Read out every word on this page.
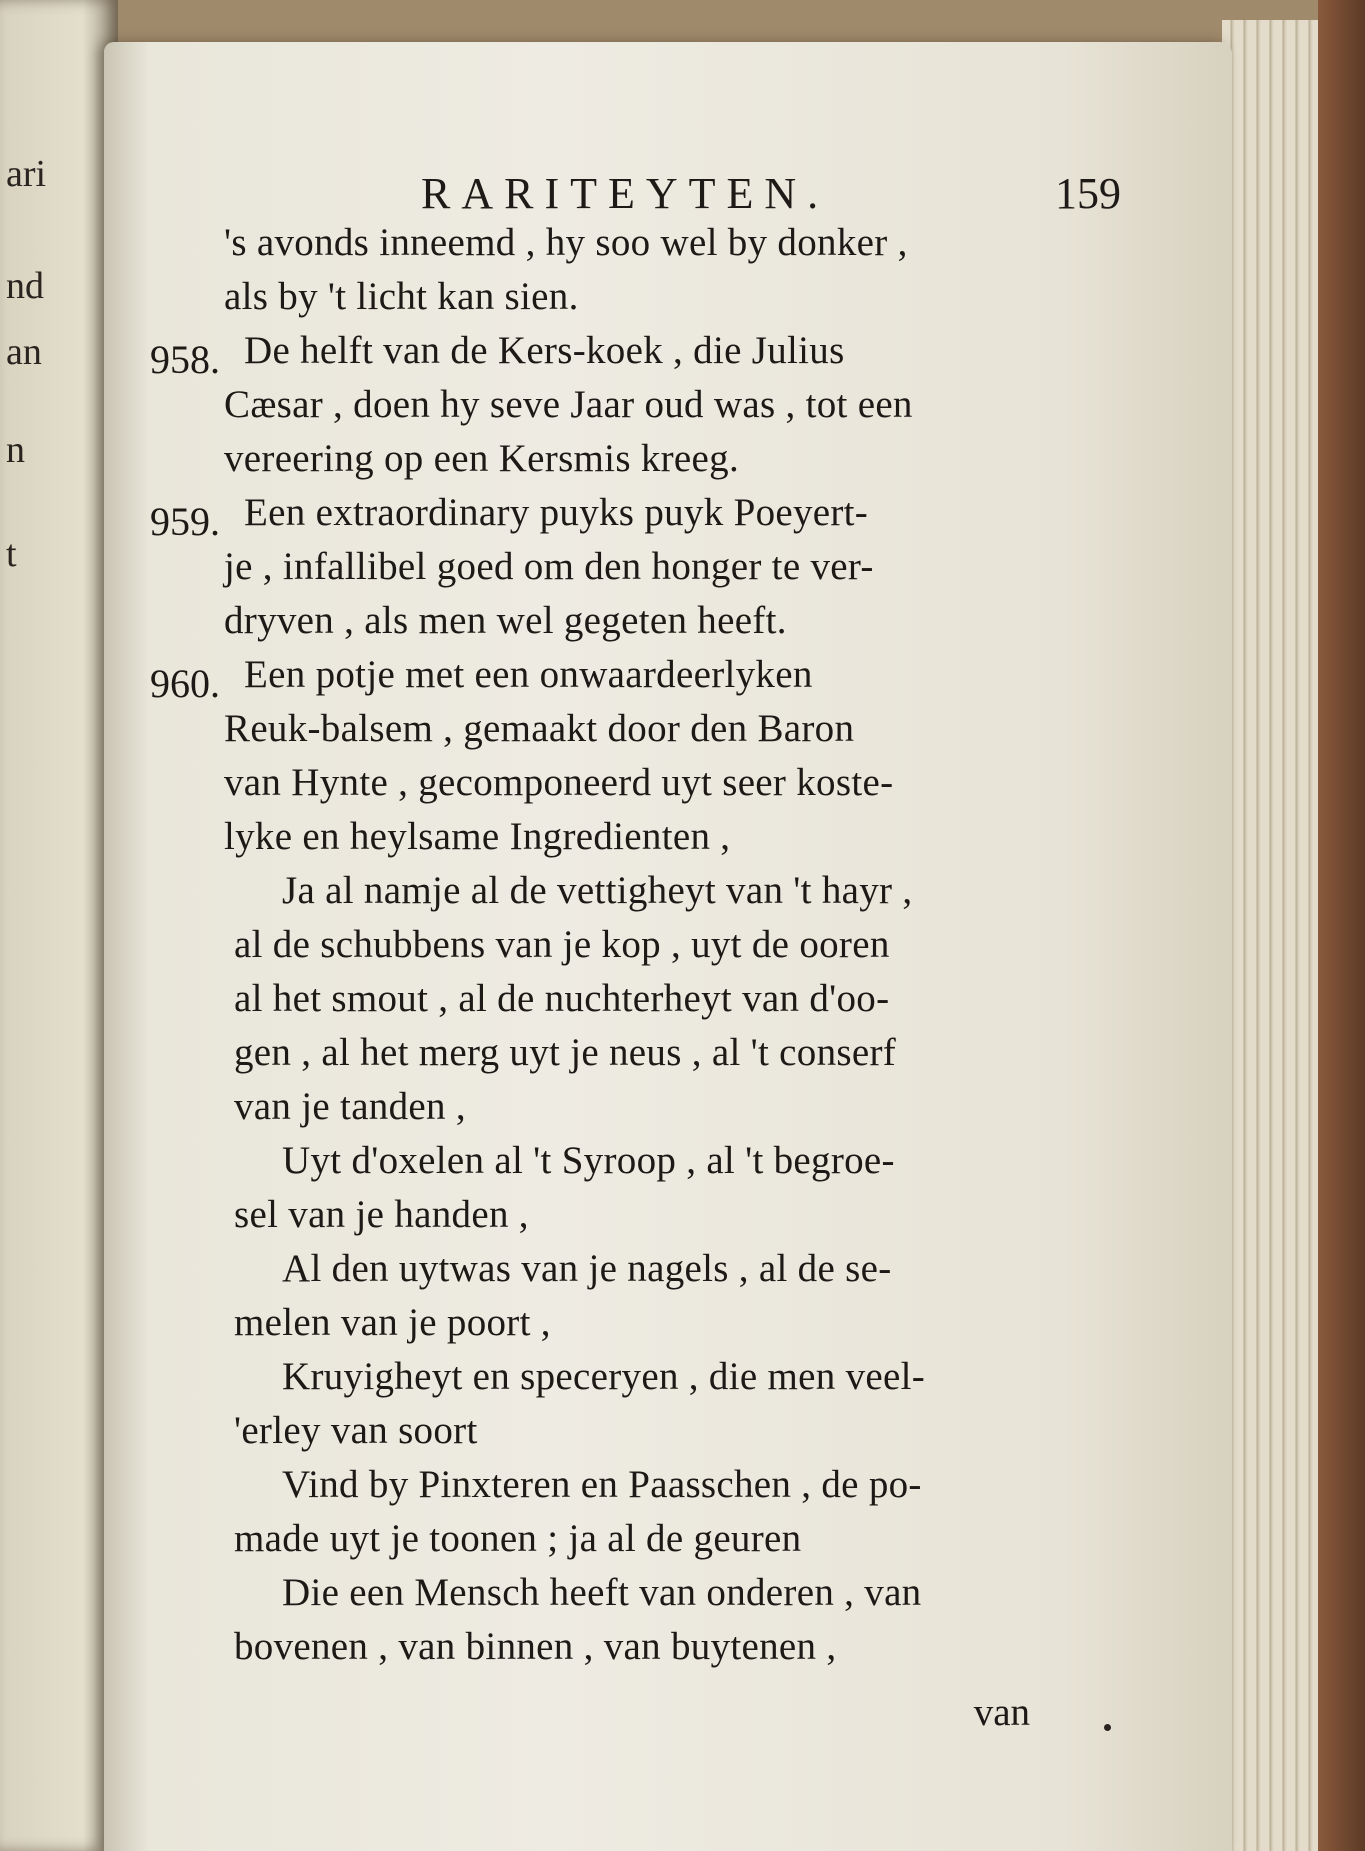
ari
nd
an
n
t
RARITEYTEN.	159
's avonds inneemd , hy soo wel by donker ,
als by 't licht kan sien.
958. De helft van de Kers-koek , die Julius
Cæsar , doen hy seve Jaar oud was , tot een
vereering op een Kersmis kreeg.
959. Een extraordinary puyks puyk Poeyert-
je , infallibel goed om den honger te ver-
dryven , als men wel gegeten heeft.
960. Een potje met een onwaardeerlyken
Reuk-balsem , gemaakt door den Baron
van Hynte , gecomponeerd uyt seer koste-
lyke en heylsame Ingredienten ,
Ja al namje al de vettigheyt van 't hayr ,
al de schubbens van je kop , uyt de ooren
al het smout , al de nuchterheyt van d'oo-
gen , al het merg uyt je neus , al 't conserf
van je tanden ,
Uyt d'oxelen al 't Syroop , al 't begroe-
sel van je handen ,
Al den uytwas van je nagels , al de se-
melen van je poort ,
Kruyigheyt en speceryen , die men veel-
'erley van soort
Vind by Pinxteren en Paasschen , de po-
made uyt je toonen ; ja al de geuren
Die een Mensch heeft van onderen , van
bovenen , van binnen , van buytenen ,
van
